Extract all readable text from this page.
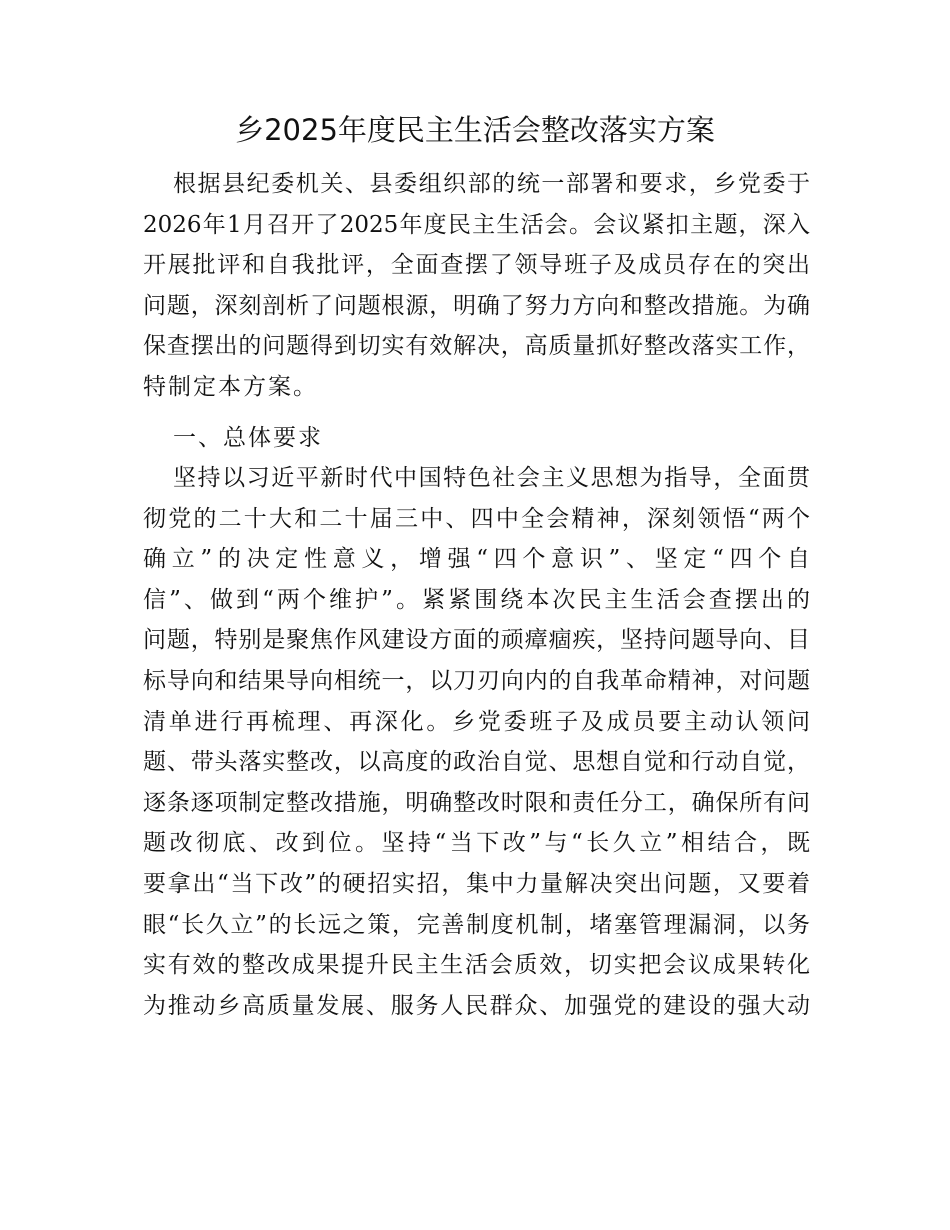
乡2025年度民主生活会整改落实方案
根据县纪委机关、县委组织部的统一部署和要求，乡党委于
2026年1月召开了2025年度民主生活会。会议紧扣主题，深入
开展批评和自我批评，全面查摆了领导班子及成员存在的突出
问题，深刻剖析了问题根源，明确了努力方向和整改措施。为确
保查摆出的问题得到切实有效解决，高质量抓好整改落实工作，
特制定本方案。
一、总体要求
坚持以习近平新时代中国特色社会主义思想为指导，全面贯
彻党的二十大和二十届三中、四中全会精神，深刻领悟“两个
确立”的决定性意义，增强“四个意识”、坚定“四个自
信”、做到“两个维护”。紧紧围绕本次民主生活会查摆出的
问题，特别是聚焦作风建设方面的顽瘴痼疾，坚持问题导向、目
标导向和结果导向相统一，以刀刃向内的自我革命精神，对问题
清单进行再梳理、再深化。乡党委班子及成员要主动认领问
题、带头落实整改，以高度的政治自觉、思想自觉和行动自觉，
逐条逐项制定整改措施，明确整改时限和责任分工，确保所有问
题改彻底、改到位。坚持“当下改”与“长久立”相结合，既
要拿出“当下改”的硬招实招，集中力量解决突出问题，又要着
眼“长久立”的长远之策，完善制度机制，堵塞管理漏洞，以务
实有效的整改成果提升民主生活会质效，切实把会议成果转化
为推动乡高质量发展、服务人民群众、加强党的建设的强大动
